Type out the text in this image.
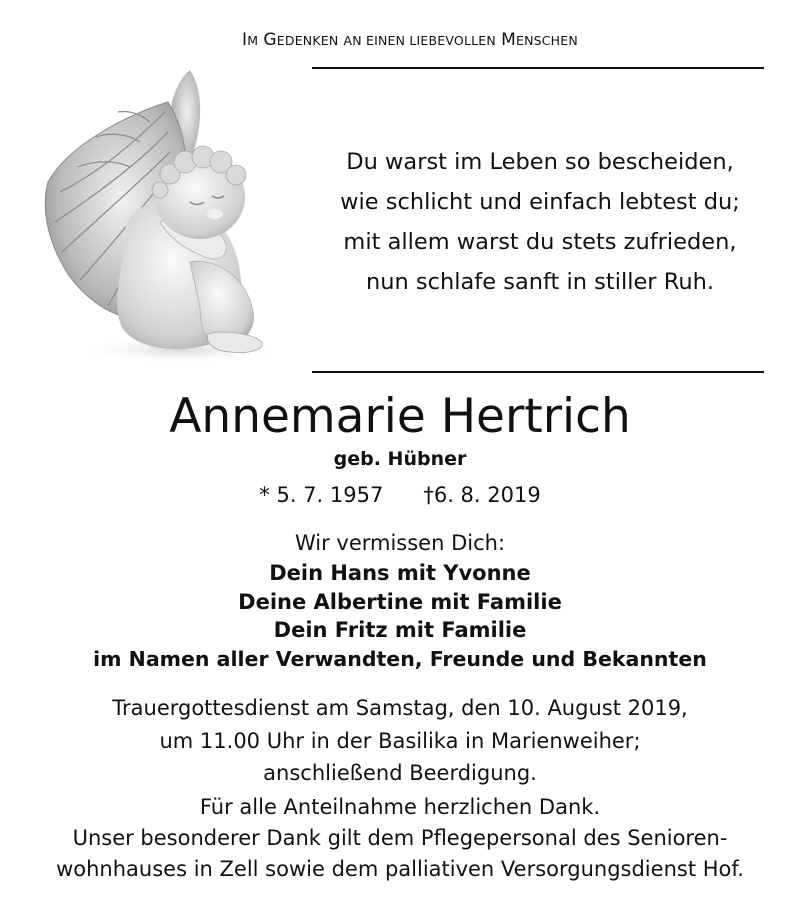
IM GEDENKEN AN EINEN LIEBEVOLLEN MENSCHEN
Du warst im Leben so bescheiden,
wie schlicht und einfach lebtest du;
mit allem warst du stets zufrieden,
nun schlafe sanft in stiller Ruh.
Annemarie Hertrich
geb. Hübner
* 5. 7. 1957 †6. 8. 2019
Wir vermissen Dich:
Dein Hans mit Yvonne
Deine Albertine mit Familie
Dein Fritz mit Familie
im Namen aller Verwandten, Freunde und Bekannten
Trauergottesdienst am Samstag, den 10. August 2019,
um 11.00 Uhr in der Basilika in Marienweiher;
anschließend Beerdigung.
Für alle Anteilnahme herzlichen Dank.
Unser besonderer Dank gilt dem Pflegepersonal des Senioren-
wohnhauses in Zell sowie dem palliativen Versorgungsdienst Hof.
